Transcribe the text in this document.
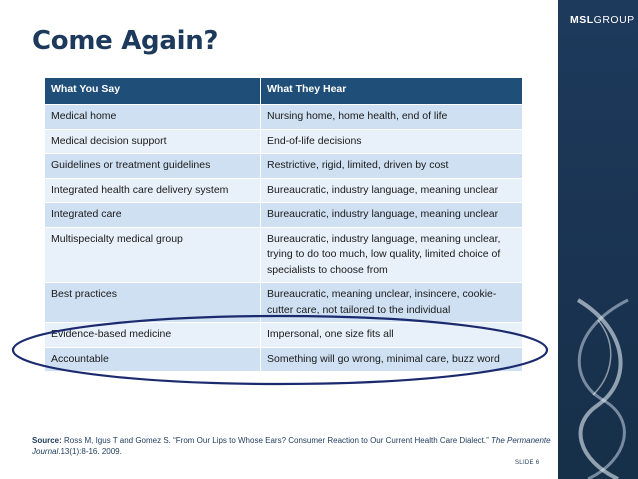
MSLGROUP
Come Again?
What You Say	What They Hear
Medical home	Nursing home, home health, end of life
Medical decision support	End-of-life decisions
Guidelines or treatment guidelines	Restrictive, rigid, limited, driven by cost
Integrated health care delivery system	Bureaucratic, industry language, meaning unclear
Integrated care	Bureaucratic, industry language, meaning unclear
Multispecialty medical group	Bureaucratic, industry language, meaning unclear, trying to do too much, low quality, limited choice of specialists to choose from
Best practices	Bureaucratic, meaning unclear, insincere, cookie-cutter care, not tailored to the individual
Evidence-based medicine	Impersonal, one size fits all
Accountable	Something will go wrong, minimal care, buzz word
Source: Ross M, Igus T and Gomez S. “From Our Lips to Whose Ears? Consumer Reaction to Our Current Health Care Dialect.” The Permanente Journal.13(1):8-16. 2009.
SLIDE 6
